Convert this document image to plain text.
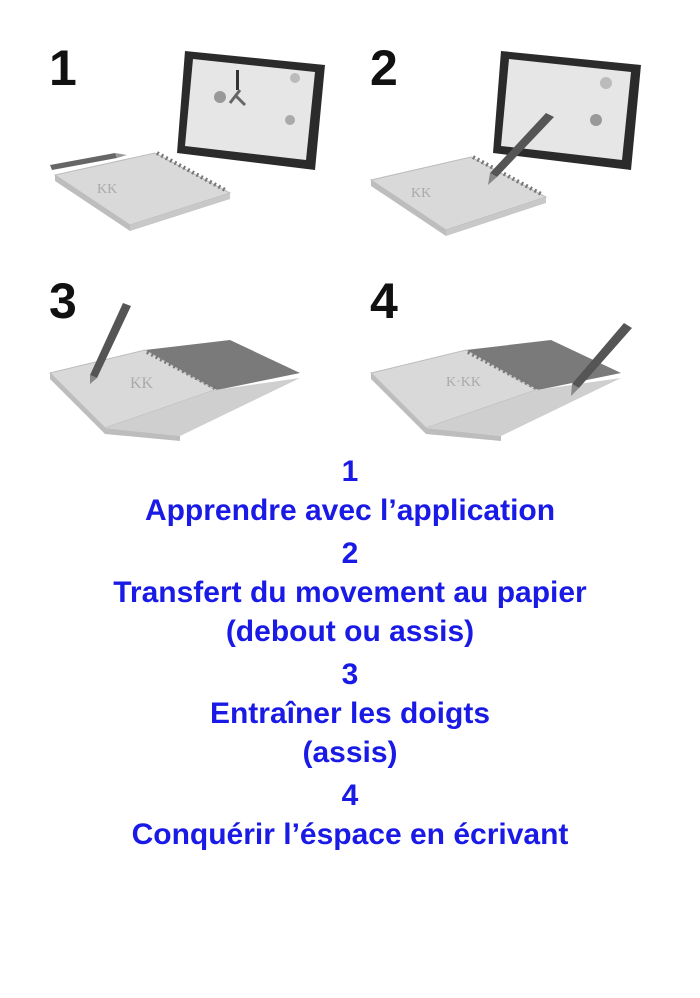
1
KK
2
KK
3
KK
4
K·KK
1
Apprendre avec l’application
2
Transfert du movement au papier
(debout ou assis)
3
Entraîner les doigts
(assis)
4
Conquérir l’éspace en écrivant
